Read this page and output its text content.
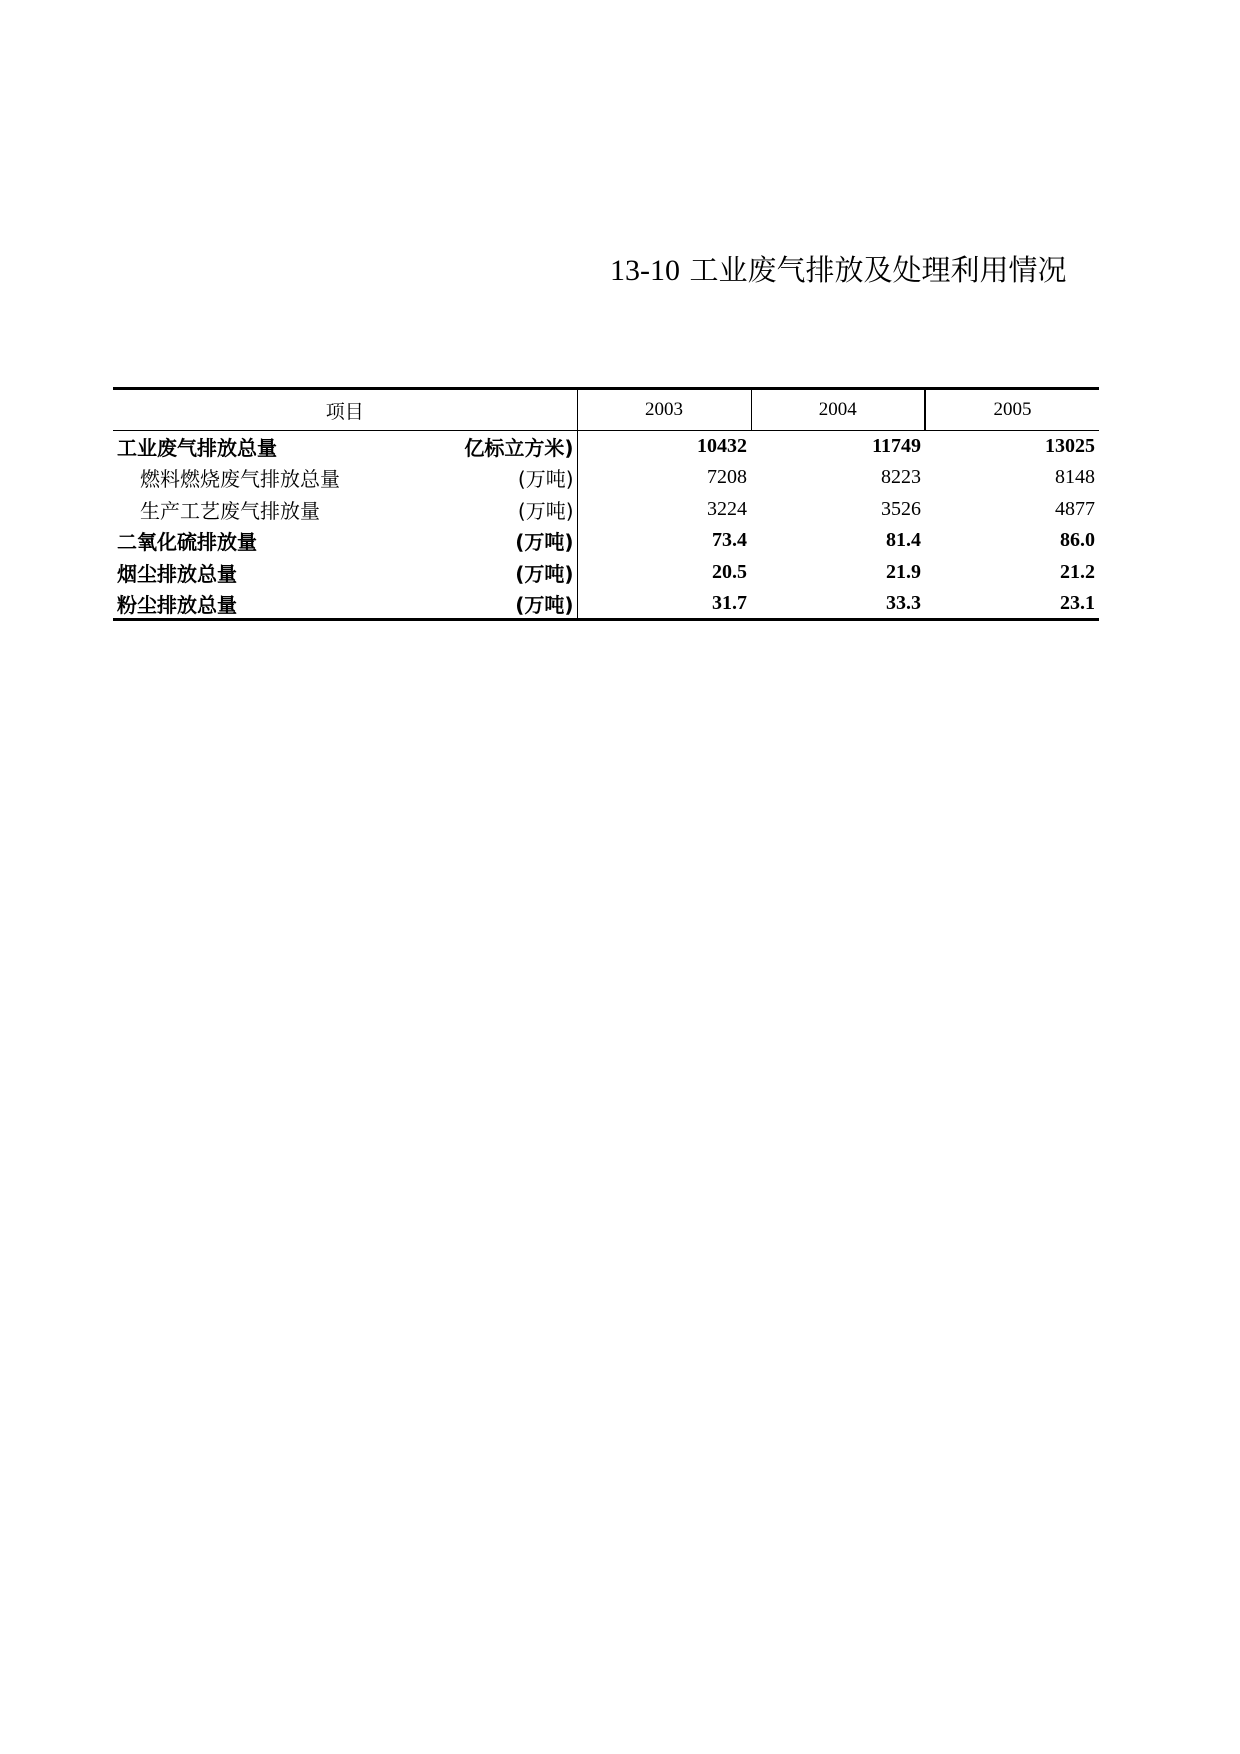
13-10 工业废气排放及处理利用情况
项目	2003	2004	2005

工业废气排放总量 亿标立方米)	10432	11749	13025

燃料燃烧废气排放总量 (万吨)	7208	8223	8148

生产工艺废气排放量 (万吨)	3224	3526	4877

二氧化硫排放量 (万吨)	73.4	81.4	86.0

烟尘排放总量 (万吨)	20.5	21.9	21.2

粉尘排放总量 (万吨)	31.7	33.3	23.1
